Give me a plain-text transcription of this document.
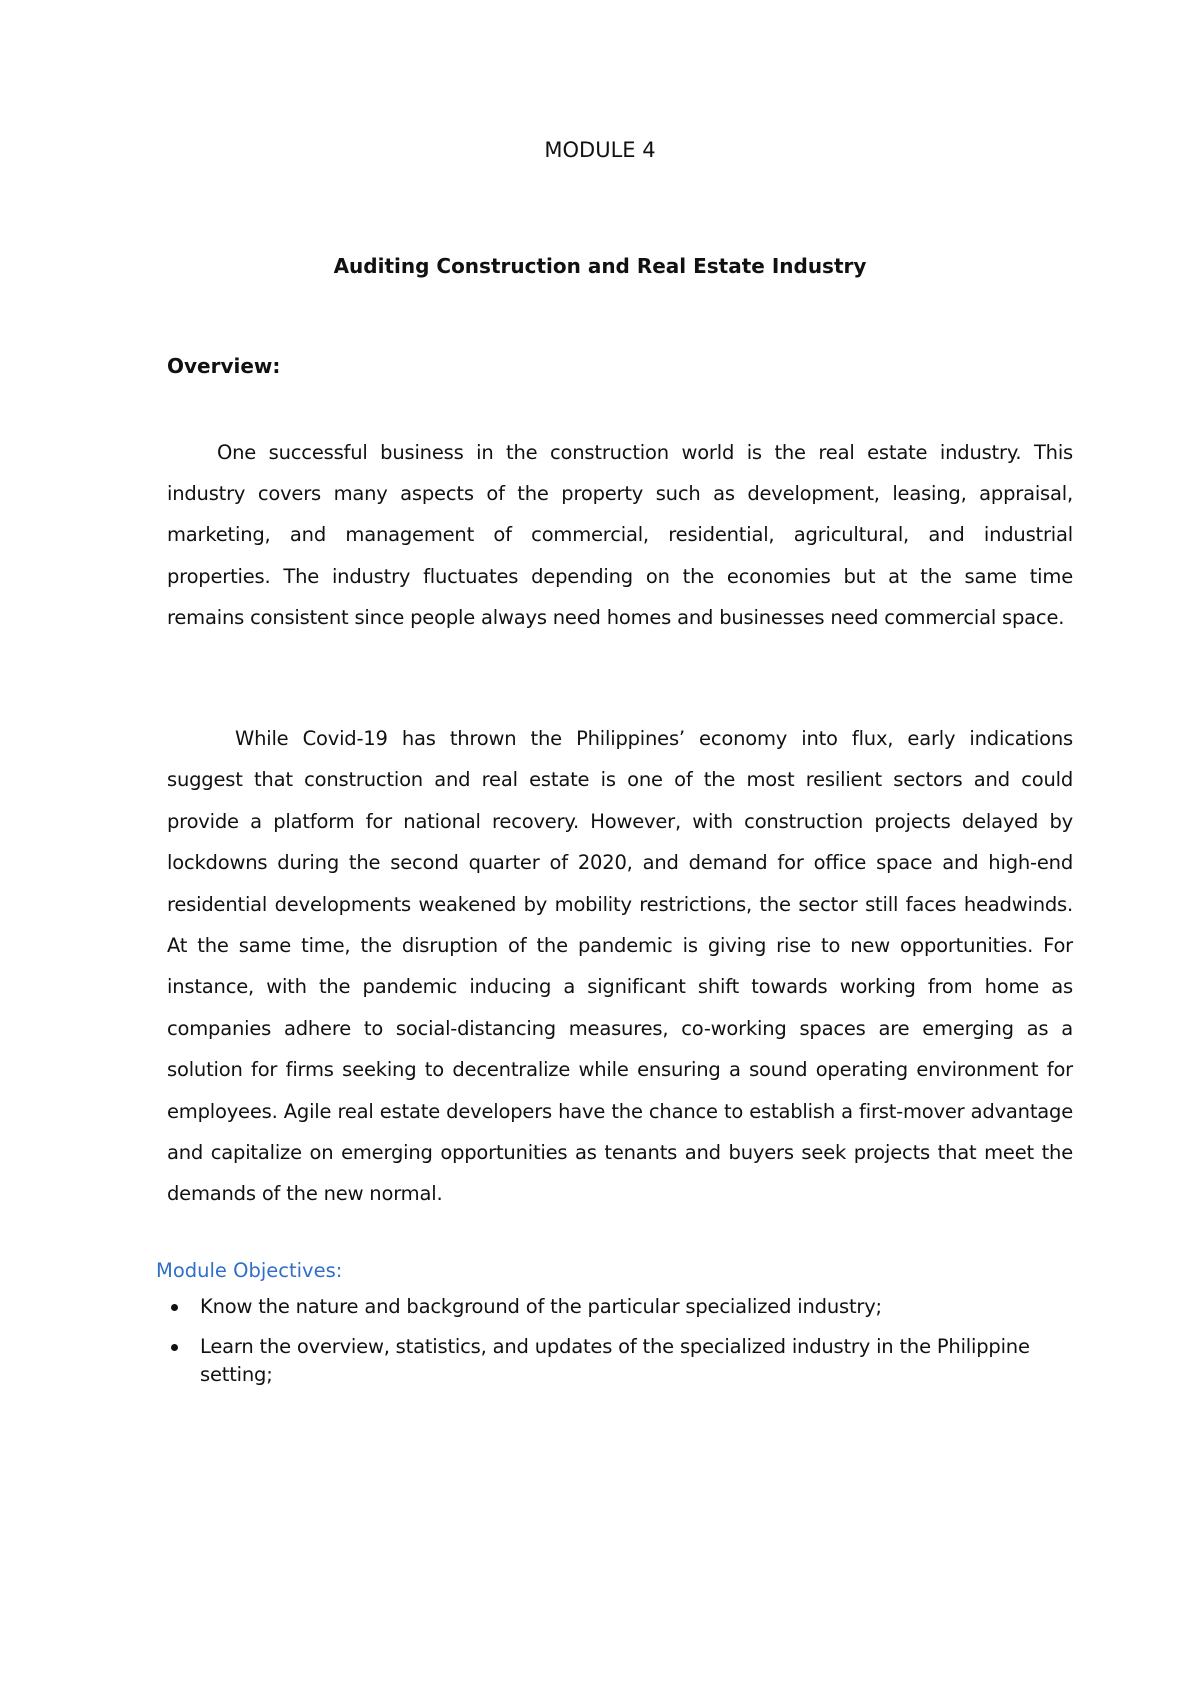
MODULE 4
Auditing Construction and Real Estate Industry
Overview:

One successful business in the construction world is the real estate industry. This industry covers many aspects of the property such as development, leasing, appraisal, marketing, and management of commercial, residential, agricultural, and industrial properties. The industry fluctuates depending on the economies but at the same time remains consistent since people always need homes and businesses need commercial space.

While Covid-19 has thrown the Philippines’ economy into flux, early indications suggest that construction and real estate is one of the most resilient sectors and could provide a platform for national recovery. However, with construction projects delayed by lockdowns during the second quarter of 2020, and demand for office space and high-end residential developments weakened by mobility restrictions, the sector still faces headwinds. At the same time, the disruption of the pandemic is giving rise to new opportunities. For instance, with the pandemic inducing a significant shift towards working from home as companies adhere to social-distancing measures, co-working spaces are emerging as a solution for firms seeking to decentralize while ensuring a sound operating environment for employees. Agile real estate developers have the chance to establish a first-mover advantage and capitalize on emerging opportunities as tenants and buyers seek projects that meet the demands of the new normal.

Module Objectives:
Know the nature and background of the particular specialized industry;
Learn the overview, statistics, and updates of the specialized industry in the Philippine setting;
